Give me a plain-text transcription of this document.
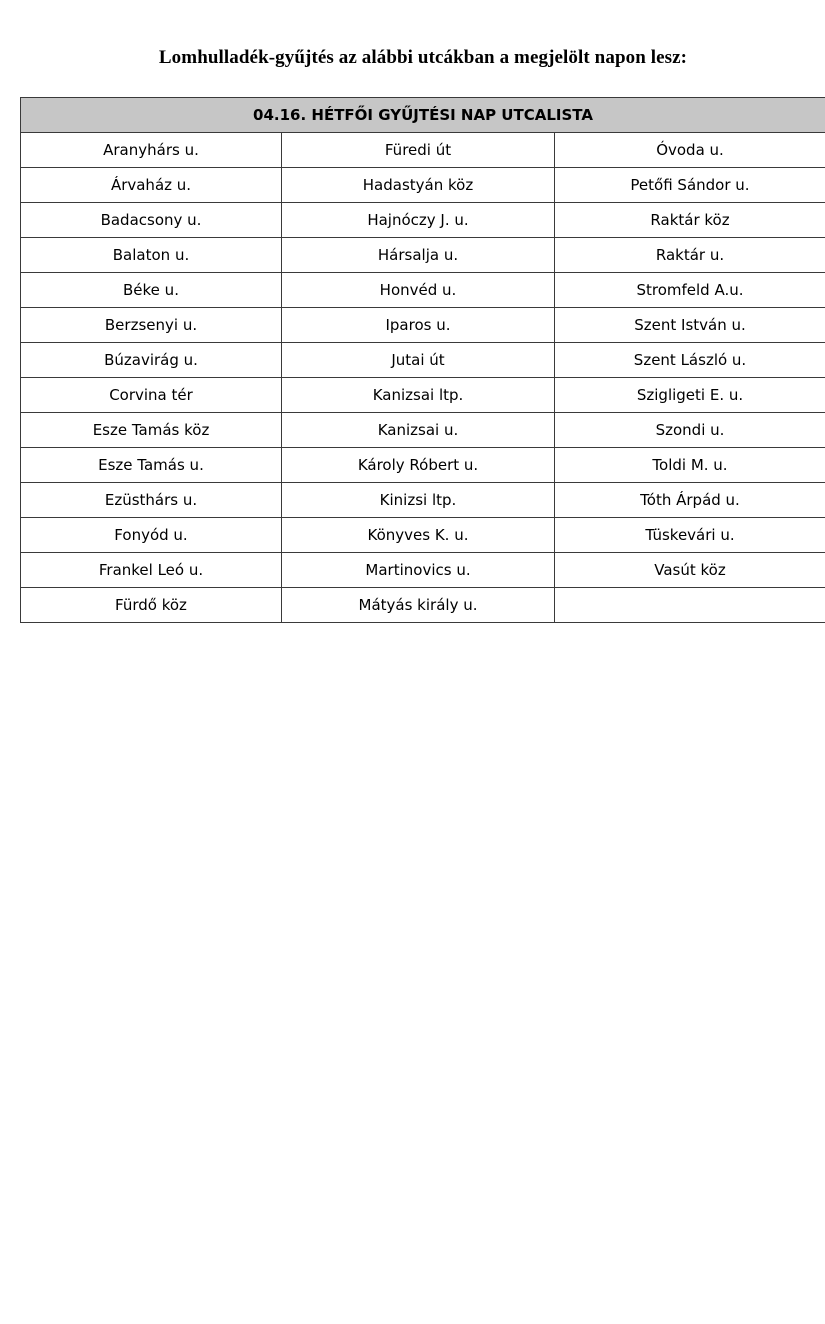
Lomhulladék-gyűjtés az alábbi utcákban a megjelölt napon lesz:
04.16. HÉTFŐI GYŰJTÉSI NAP UTCALISTA		
Aranyhárs u.	Füredi út	Óvoda u.
Árvaház u.	Hadastyán köz	Petőfi Sándor u.
Badacsony u.	Hajnóczy J. u.	Raktár köz
Balaton u.	Hársalja u.	Raktár u.
Béke u.	Honvéd u.	Stromfeld A.u.
Berzsenyi u.	Iparos u.	Szent István u.
Búzavirág u.	Jutai út	Szent László u.
Corvina tér	Kanizsai ltp.	Szigligeti E. u.
Esze Tamás köz	Kanizsai u.	Szondi u.
Esze Tamás u.	Károly Róbert u.	Toldi M. u.
Ezüsthárs u.	Kinizsi ltp.	Tóth Árpád u.
Fonyód u.	Könyves K. u.	Tüskevári u.
Frankel Leó u.	Martinovics u.	Vasút köz
Fürdő köz	Mátyás király u.	
